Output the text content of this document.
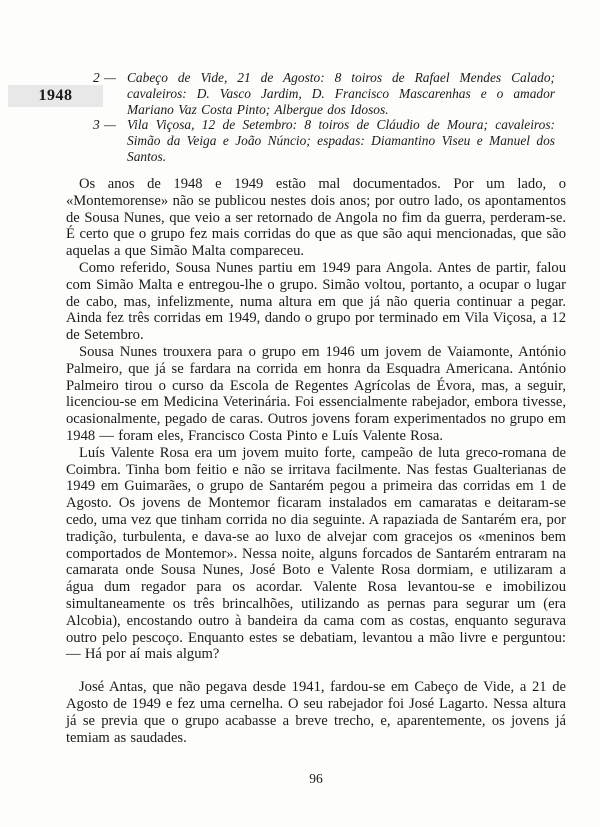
1948
2 — Cabeço de Vide, 21 de Agosto: 8 toiros de Rafael Mendes Calado; cavaleiros: D. Vasco Jardim, D. Francisco Mascarenhas e o amador Mariano Vaz Costa Pinto; Albergue dos Idosos.
3 — Vila Viçosa, 12 de Setembro: 8 toiros de Cláudio de Moura; cavaleiros: Simão da Veiga e João Núncio; espadas: Diamantino Viseu e Manuel dos Santos.

Os anos de 1948 e 1949 estão mal documentados. Por um lado, o «Montemorense» não se publicou nestes dois anos; por outro lado, os apontamentos de Sousa Nunes, que veio a ser retornado de Angola no fim da guerra, perderam-se. É certo que o grupo fez mais corridas do que as que são aqui mencionadas, que são aquelas a que Simão Malta compareceu.

Como referido, Sousa Nunes partiu em 1949 para Angola. Antes de partir, falou com Simão Malta e entregou-lhe o grupo. Simão voltou, portanto, a ocupar o lugar de cabo, mas, infelizmente, numa altura em que já não queria continuar a pegar. Ainda fez três corridas em 1949, dando o grupo por terminado em Vila Viçosa, a 12 de Setembro.

Sousa Nunes trouxera para o grupo em 1946 um jovem de Vaiamonte, António Palmeiro, que já se fardara na corrida em honra da Esquadra Americana. António Palmeiro tirou o curso da Escola de Regentes Agrícolas de Évora, mas, a seguir, licenciou-se em Medicina Veterinária. Foi essencialmente rabejador, embora tivesse, ocasionalmente, pegado de caras. Outros jovens foram experimentados no grupo em 1948 — foram eles, Francisco Costa Pinto e Luís Valente Rosa.

Luís Valente Rosa era um jovem muito forte, campeão de luta greco-romana de Coimbra. Tinha bom feitio e não se irritava facilmente. Nas festas Gualterianas de 1949 em Guimarães, o grupo de Santarém pegou a primeira das corridas em 1 de Agosto. Os jovens de Montemor ficaram instalados em camaratas e deitaram-se cedo, uma vez que tinham corrida no dia seguinte. A rapaziada de Santarém era, por tradição, turbulenta, e dava-se ao luxo de alvejar com gracejos os «meninos bem comportados de Montemor». Nessa noite, alguns forcados de Santarém entraram na camarata onde Sousa Nunes, José Boto e Valente Rosa dormiam, e utilizaram a água dum regador para os acordar. Valente Rosa levantou-se e imobilizou simultaneamente os três brincalhões, utilizando as pernas para segurar um (era Alcobia), encostando outro à bandeira da cama com as costas, enquanto segurava outro pelo pescoço. Enquanto estes se debatiam, levantou a mão livre e perguntou: — Há por aí mais algum?

José Antas, que não pegava desde 1941, fardou-se em Cabeço de Vide, a 21 de Agosto de 1949 e fez uma cernelha. O seu rabejador foi José Lagarto. Nessa altura já se previa que o grupo acabasse a breve trecho, e, aparentemente, os jovens já temiam as saudades.

96
